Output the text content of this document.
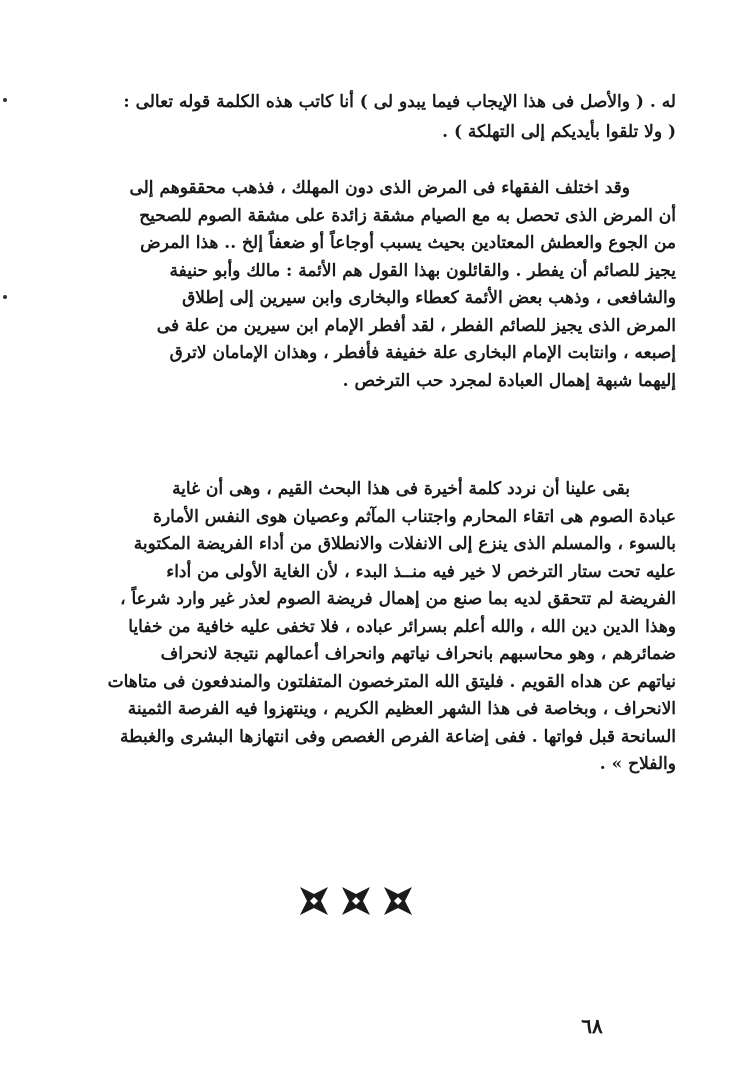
له . ( والأصل فى هذا الإيجاب فيما يبدو لى ) أنا كاتب هذه الكلمة قوله تعالى :
( ولا تلقوا بأيديكم إلى التهلكة ) .
وقد اختلف الفقهاء فى المرض الذى دون المهلك ، فذهب محققوهم إلى
أن المرض الذى تحصل به مع الصيام مشقة زائدة على مشقة الصوم للصحيح
من الجوع والعطش المعتادين بحيث يسبب أوجاعاً أو ضعفاً إلخ .. هذا المرض
يجيز للصائم أن يفطر . والقائلون بهذا القول هم الأئمة : مالك وأبو حنيفة
والشافعى ، وذهب بعض الأئمة كعطاء والبخارى وابن سيرين إلى إطلاق
المرض الذى يجيز للصائم الفطر ، لقد أفطر الإمام ابن سيرين من علة فى
إصبعه ، وانتابت الإمام البخارى علة خفيفة فأفطر ، وهذان الإمامان لاترق
إليهما شبهة إهمال العبادة لمجرد حب الترخص .
بقى علينا أن نردد كلمة أخيرة فى هذا البحث القيم ، وهى أن غاية
عبادة الصوم هى اتقاء المحارم واجتناب المآثم وعصيان هوى النفس الأمارة
بالسوء ، والمسلم الذى ينزع إلى الانفلات والانطلاق من أداء الفريضة المكتوبة
عليه تحت ستار الترخص لا خير فيه منــذ البدء ، لأن الغاية الأولى من أداء
الفريضة لم تتحقق لديه بما صنع من إهمال فريضة الصوم لعذر غير وارد شرعاً ،
وهذا الدين دين الله ، والله أعلم بسرائر عباده ، فلا تخفى عليه خافية من خفايا
ضمائرهم ، وهو محاسبهم بانحراف نياتهم وانحراف أعمالهم نتيجة لانحراف
نياتهم عن هداه القويم . فليتق الله المترخصون المتفلتون والمندفعون فى متاهات
الانحراف ، وبخاصة فى هذا الشهر العظيم الكريم ، وينتهزوا فيه الفرصة الثمينة
السانحة قبل فواتها . ففى إضاعة الفرص الغصص وفى انتهازها البشرى والغبطة
والفلاح » .
٦٨
